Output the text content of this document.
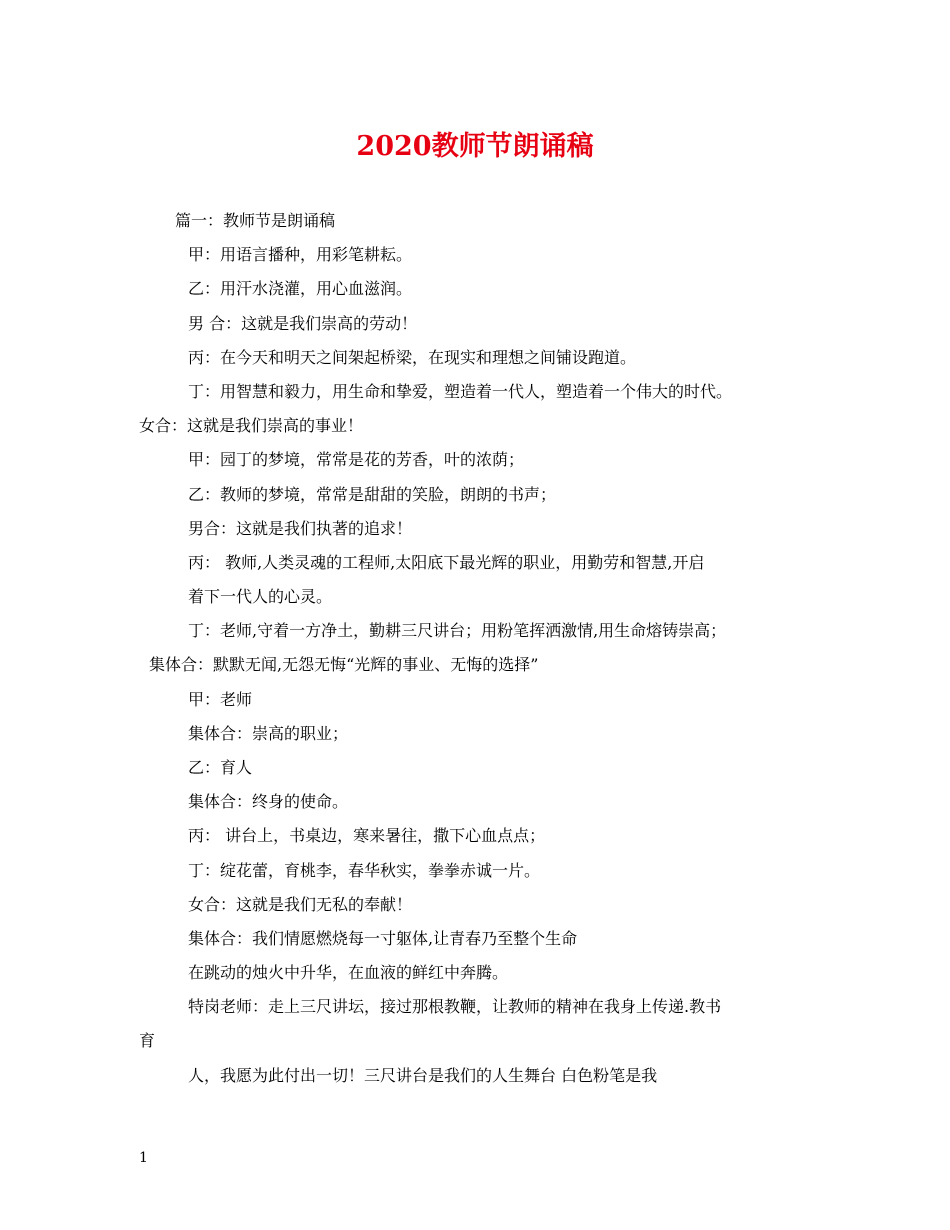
2020教师节朗诵稿

篇一：教师节是朗诵稿

甲：用语言播种，用彩笔耕耘。

乙：用汗水浇灌，用心血滋润。

男 合：这就是我们崇高的劳动！

丙：在今天和明天之间架起桥梁，在现实和理想之间铺设跑道。

丁：用智慧和毅力，用生命和挚爱，塑造着一代人，塑造着一个伟大的时代。

女合：这就是我们崇高的事业！

甲：园丁的梦境，常常是花的芳香，叶的浓荫；

乙：教师的梦境，常常是甜甜的笑脸，朗朗的书声；

男合：这就是我们执著的追求！

丙： 教师,人类灵魂的工程师,太阳底下最光辉的职业，用勤劳和智慧,开启

着下一代人的心灵。

丁：老师,守着一方净土，勤耕三尺讲台；用粉笔挥洒激情,用生命熔铸崇高；

集体合：默默无闻,无怨无悔“光辉的事业、无悔的选择”

甲：老师

集体合：崇高的职业；

乙：育人

集体合：终身的使命。

丙： 讲台上，书桌边，寒来暑往，撒下心血点点；

丁：绽花蕾，育桃李，春华秋实，拳拳赤诚一片。

女合：这就是我们无私的奉献！

集体合：我们情愿燃烧每一寸躯体,让青春乃至整个生命

在跳动的烛火中升华，在血液的鲜红中奔腾。

特岗老师：走上三尺讲坛，接过那根教鞭，让教师的精神在我身上传递.教书

育

人，我愿为此付出一切！三尺讲台是我们的人生舞台 白色粉笔是我

1
